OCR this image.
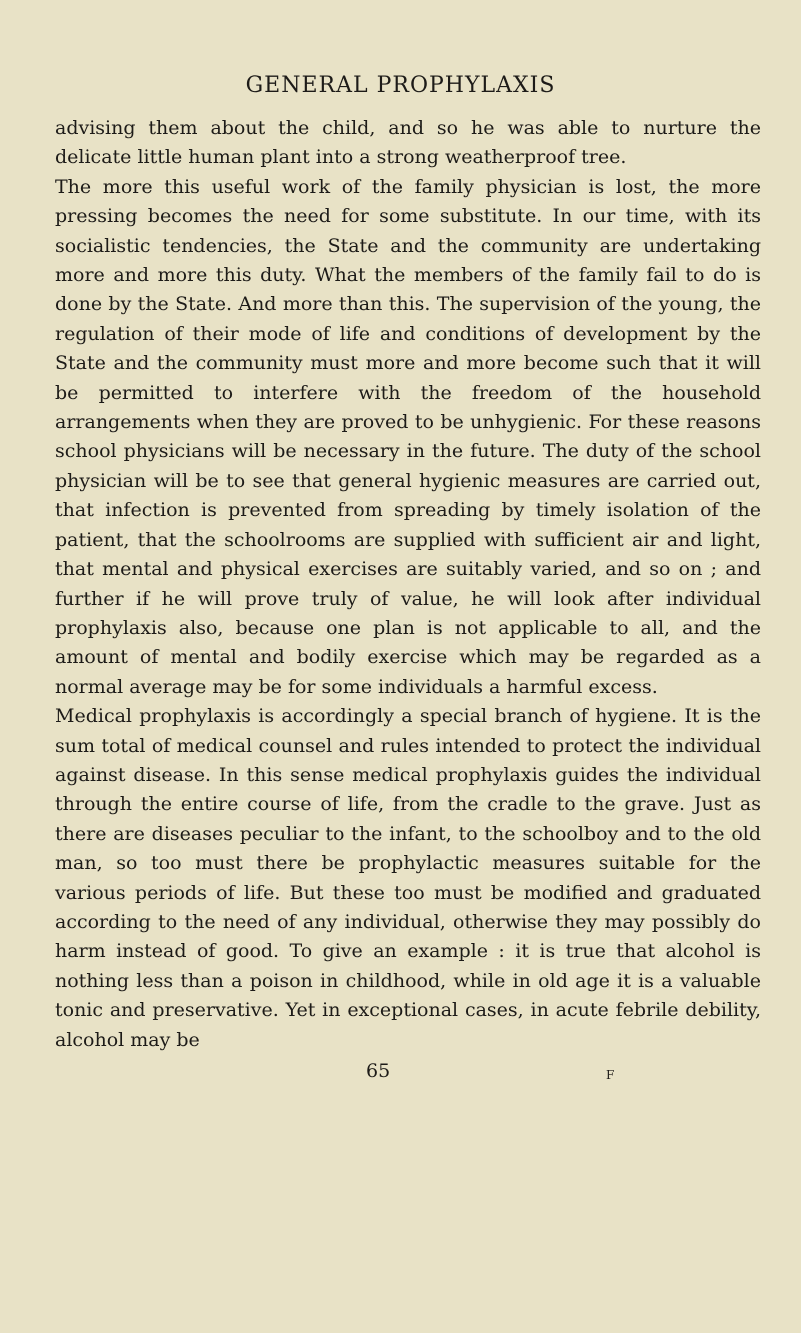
GENERAL PROPHYLAXIS

advising them about the child, and so he was able to nurture the delicate little human plant into a strong weatherproof tree.

The more this useful work of the family physician is lost, the more pressing becomes the need for some substitute. In our time, with its socialistic tendencies, the State and the community are undertaking more and more this duty. What the members of the family fail to do is done by the State. And more than this. The supervision of the young, the regulation of their mode of life and conditions of development by the State and the community must more and more become such that it will be permitted to interfere with the freedom of the household arrangements when they are proved to be unhygienic. For these reasons school physicians will be necessary in the future. The duty of the school physician will be to see that general hygienic measures are carried out, that infection is prevented from spreading by timely isolation of the patient, that the schoolrooms are supplied with sufficient air and light, that mental and physical exercises are suitably varied, and so on ; and further if he will prove truly of value, he will look after individual prophylaxis also, because one plan is not applicable to all, and the amount of mental and bodily exercise which may be regarded as a normal average may be for some individuals a harmful excess.

Medical prophylaxis is accordingly a special branch of hygiene. It is the sum total of medical counsel and rules intended to protect the individual against disease. In this sense medical prophylaxis guides the individual through the entire course of life, from the cradle to the grave. Just as there are diseases peculiar to the infant, to the schoolboy and to the old man, so too must there be prophylactic measures suitable for the various periods of life. But these too must be modified and graduated according to the need of any individual, otherwise they may possibly do harm instead of good. To give an example : it is true that alcohol is nothing less than a poison in childhood, while in old age it is a valuable tonic and preservative. Yet in exceptional cases, in acute febrile debility, alcohol may be

65	F
